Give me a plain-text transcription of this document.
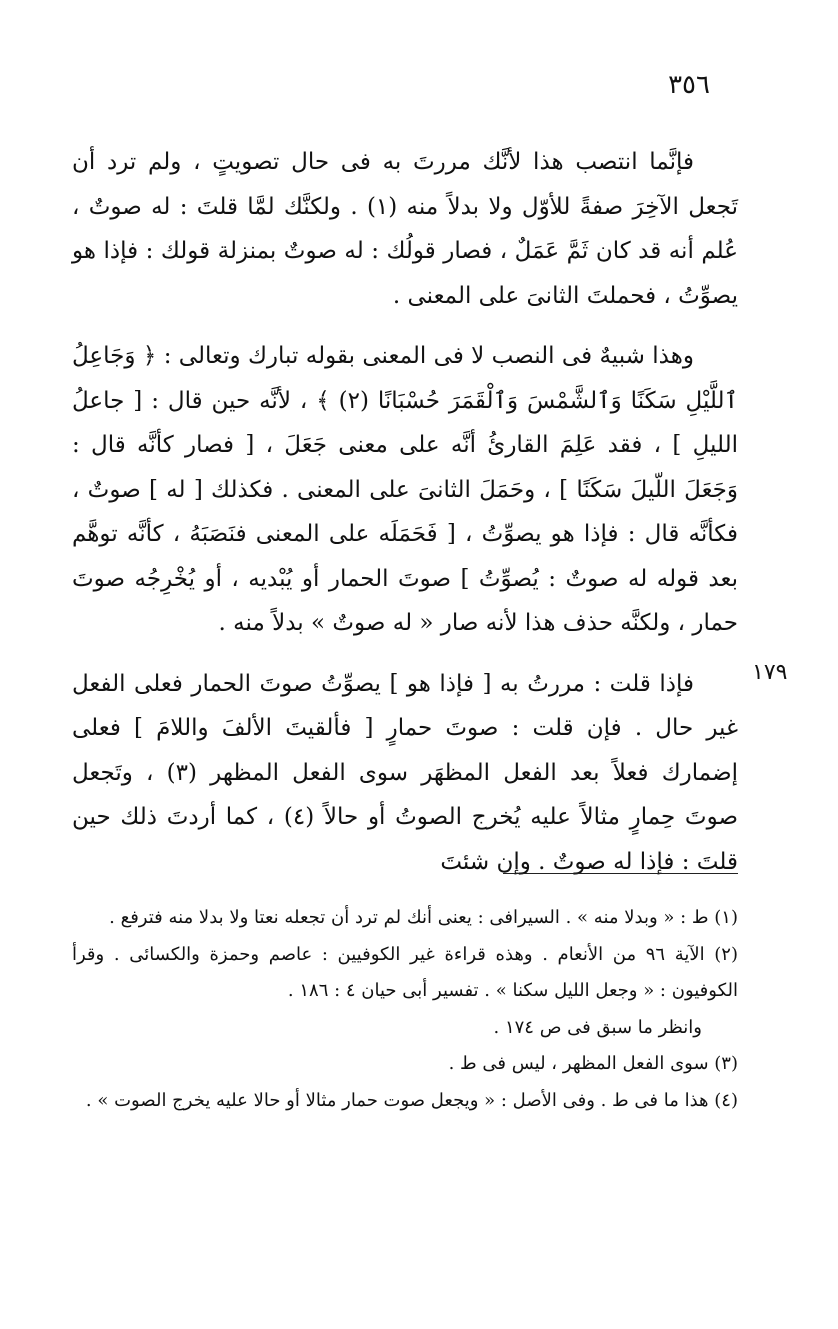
٣٥٦

فإنَّما انتصب هذا لأنَّك مررتَ به فى حال تصويتٍ ، ولم ترد أن تَجعل الآخِرَ صفةً للأوّل ولا بدلاً منه (١) . ولكنَّك لمَّا قلتَ : له صوتٌ ، عُلم أنه قد كان ثَمَّ عَمَلٌ ، فصار قولُك : له صوتٌ بمنزلة قولك : فإذا هو يصوِّتُ ، فحملتَ الثانىَ على المعنى .

وهذا شبيهٌ فى النصب لا فى المعنى بقوله تبارك وتعالى : ﴿ وَجَاعِلُ ٱللَّيْلِ سَكَنًا وَٱلشَّمْسَ وَٱلْقَمَرَ حُسْبَانًا (٢) ﴾ ، لأنَّه حين قال : [ جاعلُ الليلِ ] ، فقد عَلِمَ القارئُ أنَّه على معنى جَعَلَ ، [ فصار كأنَّه قال : وَجَعَلَ اللّيلَ سَكَنًا ] ، وحَمَلَ الثانىَ على المعنى . فكذلك [ له ] صوتٌ ، فكأنَّه قال : فإذا هو يصوِّتُ ، [ فَحَمَلَه على المعنى فنَصَبَهُ ، كأنَّه توهَّم بعد قوله له صوتٌ : يُصوِّتُ ] صوتَ الحمار أو يُبْديه ، أو يُخْرِجُه صوتَ حمار ، ولكنَّه حذف هذا لأنه صار « له صوتٌ » بدلاً منه .

فإذا قلت : مررتُ به [ فإذا هو ] يصوِّتُ صوتَ الحمار فعلى الفعل غير حال . فإن قلت : صوتَ حمارٍ [ فألقيتَ الألفَ واللامَ ] فعلى إضمارك فعلاً بعد الفعل المظهَر سوى الفعل المظهر (٣) ، وتَجعل صوتَ حِمارٍ مثالاً عليه يُخرج الصوتُ أو حالاً (٤) ، كما أردتَ ذلك حين قلتَ : فإذا له صوتٌ . وإن شئتَ

١٧٩

(١) ط : « وبدلا منه » . السيرافى : يعنى أنك لم ترد أن تجعله نعتا ولا بدلا منه فترفع .

(٢) الآية ٩٦ من الأنعام . وهذه قراءة غير الكوفيين : عاصم وحمزة والكسائى . وقرأ الكوفيون : « وجعل الليل سكنا » . تفسير أبى حيان ٤ : ١٨٦ .

وانظر ما سبق فى ص ١٧٤ .

(٣) سوى الفعل المظهر ، ليس فى ط .

(٤) هذا ما فى ط . وفى الأصل : « ويجعل صوت حمار مثالا أو حالا عليه يخرج الصوت » .
